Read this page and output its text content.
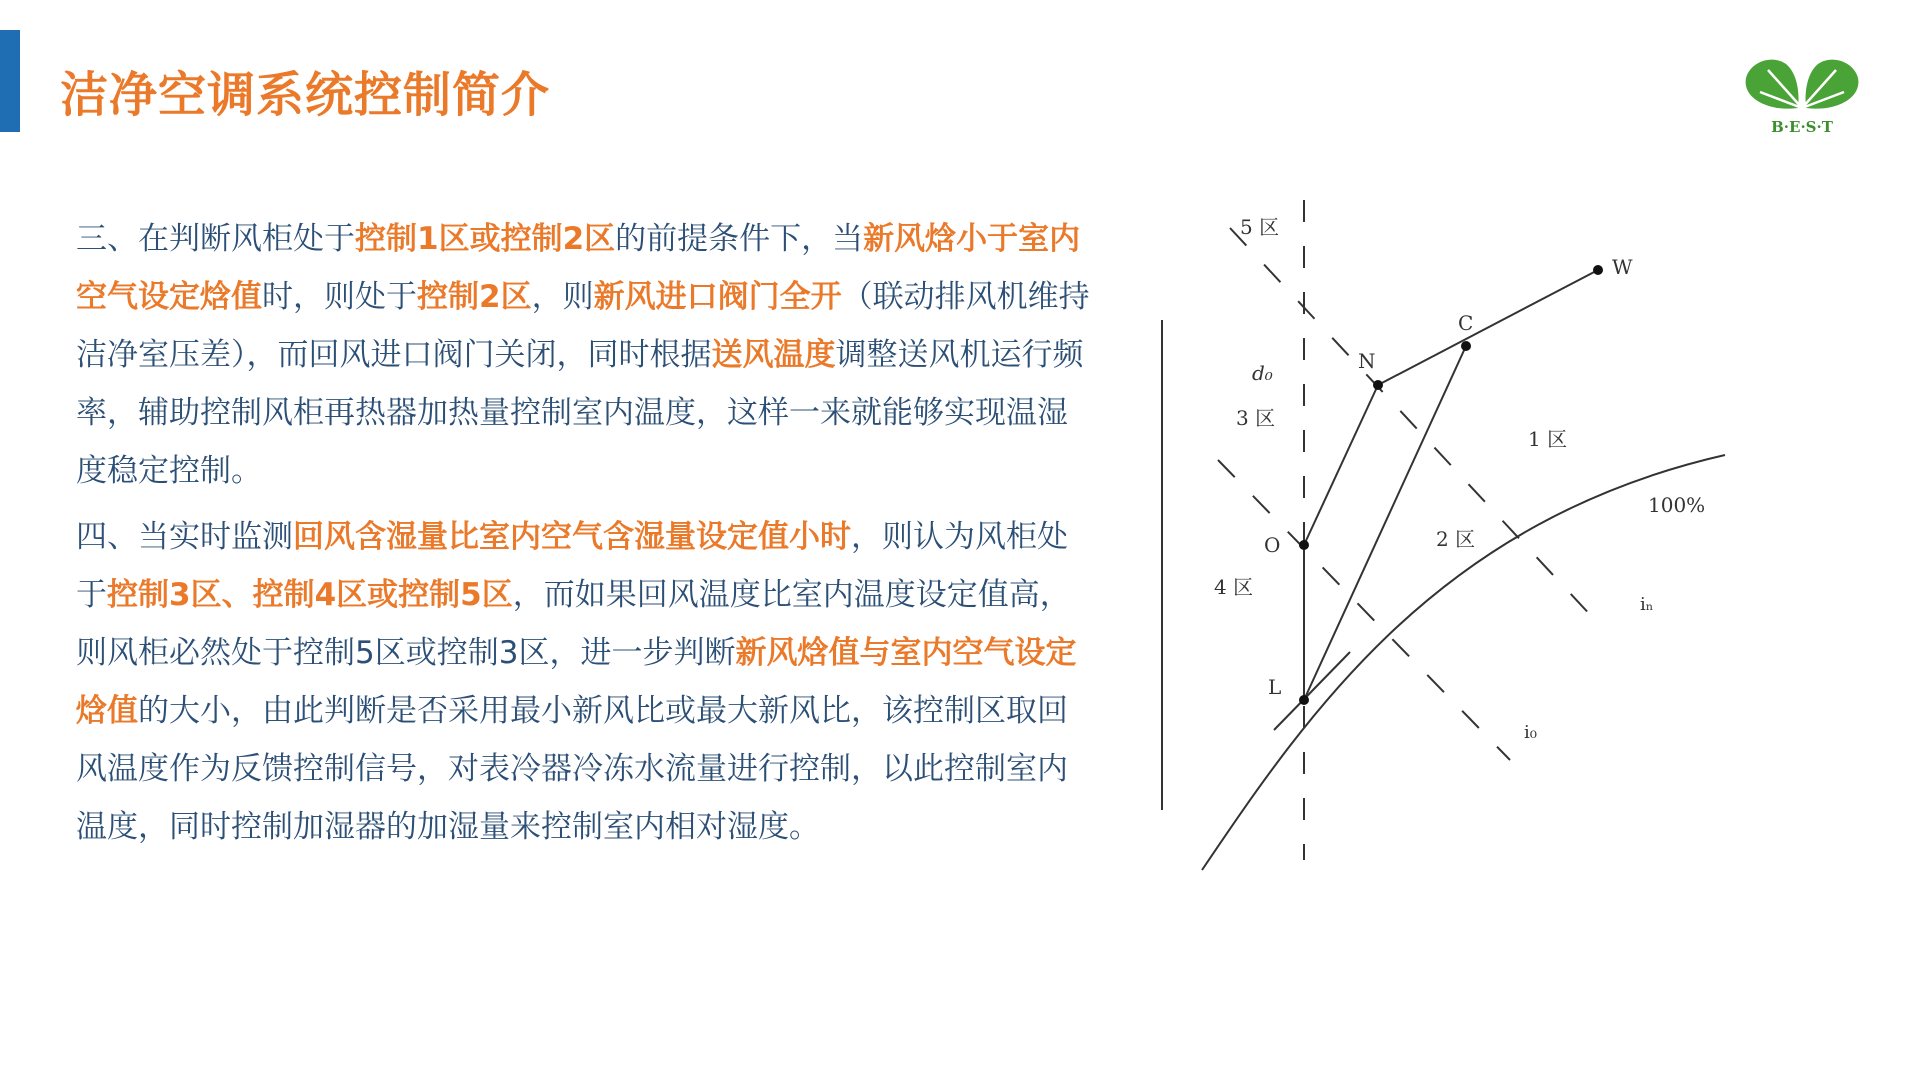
洁净空调系统控制简介
B·E·S·T

三、在判断风柜处于控制1区或控制2区的前提条件下，当新风焓小于室内空气设定焓值时，则处于控制2区，则新风进口阀门全开（联动排风机维持洁净室压差），而回风进口阀门关闭，同时根据送风温度调整送风机运行频率，辅助控制风柜再热器加热量控制室内温度，这样一来就能够实现温湿度稳定控制。

四、当实时监测回风含湿量比室内空气含湿量设定值小时，则认为风柜处于控制3区、控制4区或控制5区，而如果回风温度比室内温度设定值高，则风柜必然处于控制5区或控制3区，进一步判断新风焓值与室内空气设定焓值的大小，由此判断是否采用最小新风比或最大新风比，该控制区取回风温度作为反馈控制信号，对表冷器冷冻水流量进行控制，以此控制室内温度，同时控制加湿器的加湿量来控制室内相对湿度。

W
C
N
O
L
5 区
3 区
4 区
1 区
2 区
d₀
100%
iₙ
i₀
